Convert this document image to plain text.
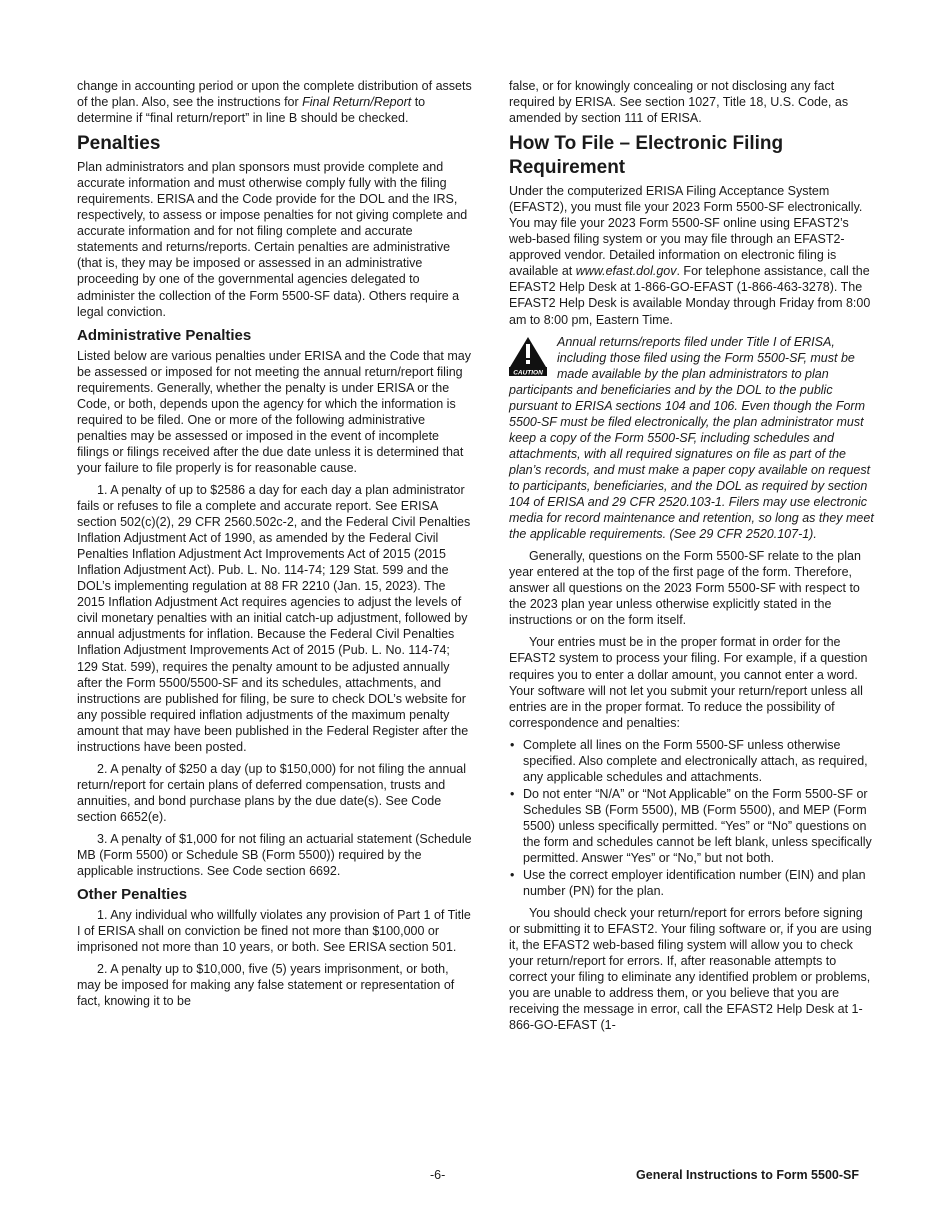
change in accounting period or upon the complete distribution of assets of the plan. Also, see the instructions for Final Return/Report to determine if “final return/report” in line B should be checked.

Penalties

Plan administrators and plan sponsors must provide complete and accurate information and must otherwise comply fully with the filing requirements. ERISA and the Code provide for the DOL and the IRS, respectively, to assess or impose penalties for not giving complete and accurate information and for not filing complete and accurate statements and returns/reports. Certain penalties are administrative (that is, they may be imposed or assessed in an administrative proceeding by one of the governmental agencies delegated to administer the collection of the Form 5500-SF data). Others require a legal conviction.

Administrative Penalties

Listed below are various penalties under ERISA and the Code that may be assessed or imposed for not meeting the annual return/report filing requirements. Generally, whether the penalty is under ERISA or the Code, or both, depends upon the agency for which the information is required to be filed. One or more of the following administrative penalties may be assessed or imposed in the event of incomplete filings or filings received after the due date unless it is determined that your failure to file properly is for reasonable cause.

1. A penalty of up to $2586 a day for each day a plan administrator fails or refuses to file a complete and accurate report. See ERISA section 502(c)(2), 29 CFR 2560.502c-2, and the Federal Civil Penalties Inflation Adjustment Act of 1990, as amended by the Federal Civil Penalties Inflation Adjustment Act Improvements Act of 2015 (2015 Inflation Adjustment Act). Pub. L. No. 114-74; 129 Stat. 599 and the DOL’s implementing regulation at 88 FR 2210 (Jan. 15, 2023). The 2015 Inflation Adjustment Act requires agencies to adjust the levels of civil monetary penalties with an initial catch-up adjustment, followed by annual adjustments for inflation. Because the Federal Civil Penalties Inflation Adjustment Improvements Act of 2015 (Pub. L. No. 114-74; 129 Stat. 599), requires the penalty amount to be adjusted annually after the Form 5500/5500-SF and its schedules, attachments, and instructions are published for filing, be sure to check DOL’s website for any possible required inflation adjustments of the maximum penalty amount that may have been published in the Federal Register after the instructions have been posted.

2. A penalty of $250 a day (up to $150,000) for not filing the annual return/report for certain plans of deferred compensation, trusts and annuities, and bond purchase plans by the due date(s). See Code section 6652(e).

3. A penalty of $1,000 for not filing an actuarial statement (Schedule MB (Form 5500) or Schedule SB (Form 5500)) required by the applicable instructions. See Code section 6692.

Other Penalties

1. Any individual who willfully violates any provision of Part 1 of Title I of ERISA shall on conviction be fined not more than $100,000 or imprisoned not more than 10 years, or both. See ERISA section 501.

2. A penalty up to $10,000, five (5) years imprisonment, or both, may be imposed for making any false statement or representation of fact, knowing it to be

false, or for knowingly concealing or not disclosing any fact required by ERISA. See section 1027, Title 18, U.S. Code, as amended by section 111 of ERISA.

How To File – Electronic Filing Requirement

Under the computerized ERISA Filing Acceptance System (EFAST2), you must file your 2023 Form 5500-SF electronically. You may file your 2023 Form 5500-SF online using EFAST2’s web-based filing system or you may file through an EFAST2-approved vendor. Detailed information on electronic filing is available at www.efast.dol.gov. For telephone assistance, call the EFAST2 Help Desk at 1-866-GO-EFAST (1-866-463-3278). The EFAST2 Help Desk is available Monday through Friday from 8:00 am to 8:00 pm, Eastern Time.

CAUTION
Annual returns/reports filed under Title I of ERISA, including those filed using the Form 5500-SF, must be made available by the plan administrators to plan participants and beneficiaries and by the DOL to the public pursuant to ERISA sections 104 and 106. Even though the Form 5500-SF must be filed electronically, the plan administrator must keep a copy of the Form 5500-SF, including schedules and attachments, with all required signatures on file as part of the plan’s records, and must make a paper copy available on request to participants, beneficiaries, and the DOL as required by section 104 of ERISA and 29 CFR 2520.103-1. Filers may use electronic media for record maintenance and retention, so long as they meet the applicable requirements. (See 29 CFR 2520.107-1).

Generally, questions on the Form 5500-SF relate to the plan year entered at the top of the first page of the form. Therefore, answer all questions on the 2023 Form 5500-SF with respect to the 2023 plan year unless otherwise explicitly stated in the instructions or on the form itself.

Your entries must be in the proper format in order for the EFAST2 system to process your filing. For example, if a question requires you to enter a dollar amount, you cannot enter a word. Your software will not let you submit your return/report unless all entries are in the proper format. To reduce the possibility of correspondence and penalties:

• Complete all lines on the Form 5500-SF unless otherwise specified. Also complete and electronically attach, as required, any applicable schedules and attachments.
• Do not enter “N/A” or “Not Applicable” on the Form 5500-SF or Schedules SB (Form 5500), MB (Form 5500), and MEP (Form 5500) unless specifically permitted. “Yes” or “No” questions on the form and schedules cannot be left blank, unless specifically permitted. Answer “Yes” or “No,” but not both.
• Use the correct employer identification number (EIN) and plan number (PN) for the plan.

You should check your return/report for errors before signing or submitting it to EFAST2. Your filing software or, if you are using it, the EFAST2 web-based filing system will allow you to check your return/report for errors. If, after reasonable attempts to correct your filing to eliminate any identified problem or problems, you are unable to address them, or you believe that you are receiving the message in error, call the EFAST2 Help Desk at 1-866-GO-EFAST (1-

-6-	General Instructions to Form 5500-SF
